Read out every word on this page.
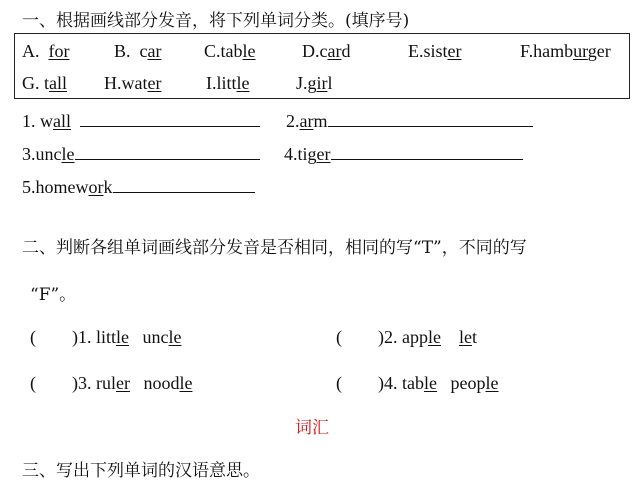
一、根据画线部分发音，将下列单词分类。(填序号)
A. for B. car C.table	D.card	E.sister	F.hamburger
G. tall H.water I.little	J.girl
1. wall	2.arm
3.uncle	4.tiger
5.homework
二、判断各组单词画线部分发音是否相同，相同的写“T”，不同的写
“F”。
(　　)1. little uncle	(　　)2. apple let
(　　)3. ruler noodle	(　　)4. table people
词汇
三、写出下列单词的汉语意思。
